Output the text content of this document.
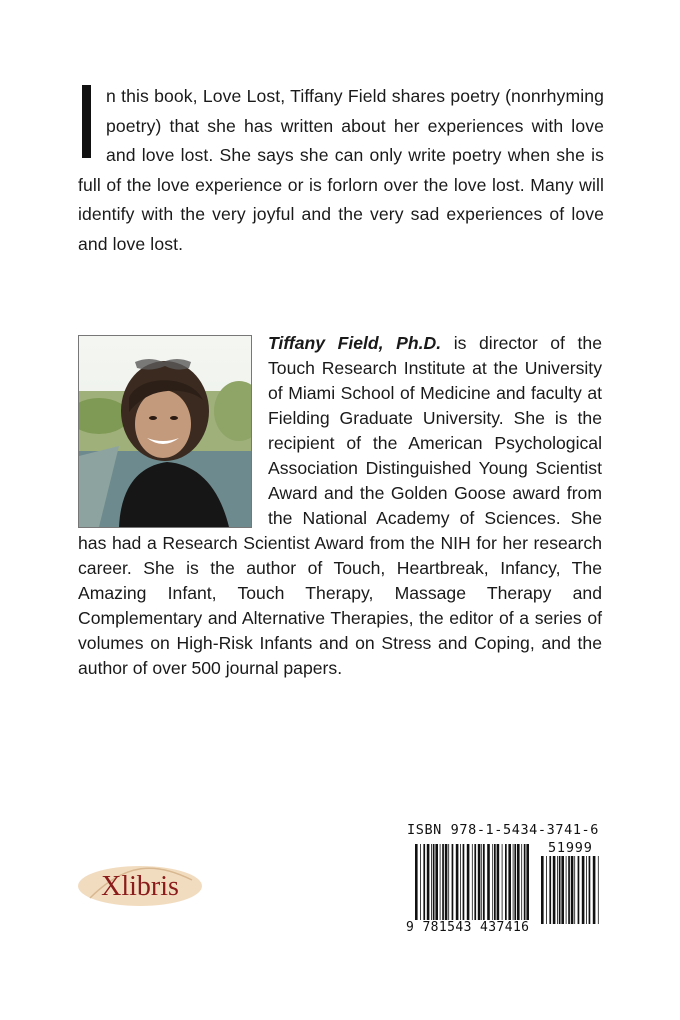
n this book, Love Lost, Tiffany Field shares poetry (nonrhyming poetry) that she has written about her experiences with love and love lost. She says she can only write poetry when she is full of the love experience or is forlorn over the love lost. Many will identify with the very joyful and the very sad experiences of love and love lost.
Tiffany Field, Ph.D. is director of the Touch Research Institute at the University of Miami School of Medicine and faculty at Fielding Graduate University. She is the recipient of the American Psychological Association Distinguished Young Scientist Award and the Golden Goose award from the National Academy of Sciences. She has had a Research Scientist Award from the NIH for her research career. She is the author of Touch, Heartbreak, Infancy, The Amazing Infant, Touch Therapy, Massage Therapy and Complementary and Alternative Therapies, the editor of a series of volumes on High-Risk Infants and on Stress and Coping, and the author of over 500 journal papers.
Xlibris
ISBN 978-1-5434-3741-6
51999
9 781543 437416
